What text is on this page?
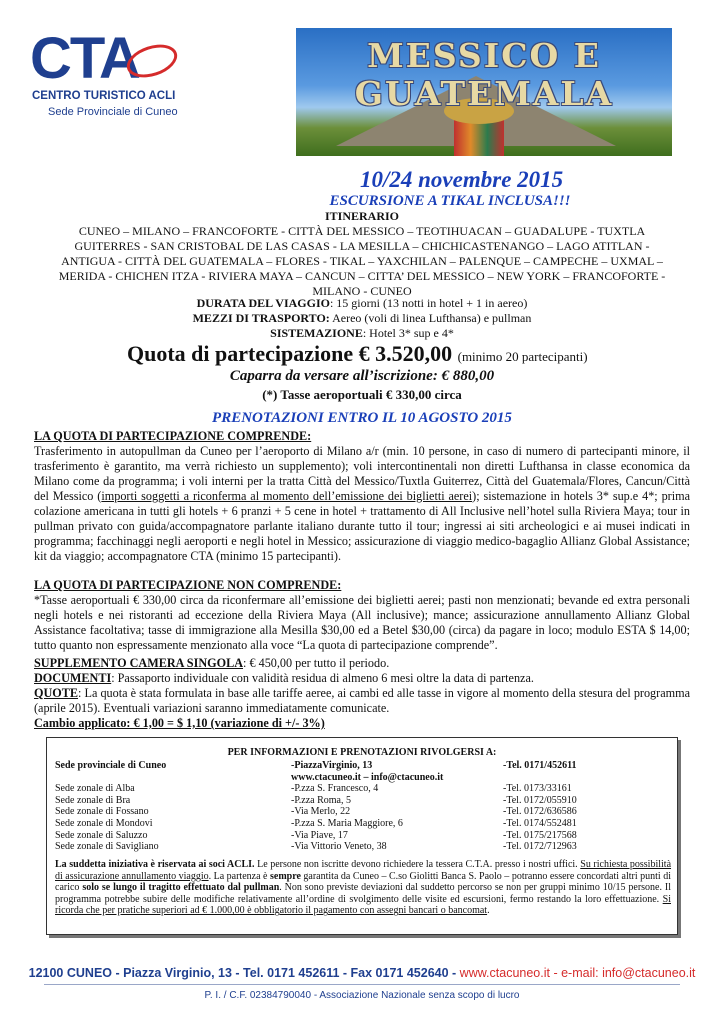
CTA
CENTRO TURISTICO ACLI
Sede Provinciale di Cuneo
MESSICO E
GUATEMALA
10/24 novembre 2015
ESCURSIONE A TIKAL INCLUSA!!!
ITINERARIO
CUNEO – MILANO – FRANCOFORTE - CITTÀ DEL MESSICO – TEOTIHUACAN – GUADALUPE - TUXTLA GUITERRES - SAN CRISTOBAL DE LAS CASAS - LA MESILLA – CHICHICASTENANGO – LAGO ATITLAN - ANTIGUA - CITTÀ DEL GUATEMALA – FLORES - TIKAL – YAXCHILAN – PALENQUE – CAMPECHE – UXMAL – MERIDA - CHICHEN ITZA - RIVIERA MAYA – CANCUN – CITTA’ DEL MESSICO – NEW YORK – FRANCOFORTE - MILANO - CUNEO
DURATA DEL VIAGGIO: 15 giorni (13 notti in hotel + 1 in aereo)
MEZZI DI TRASPORTO: Aereo (voli di linea Lufthansa) e pullman
SISTEMAZIONE: Hotel 3* sup e 4*
Quota di partecipazione € 3.520,00 (minimo 20 partecipanti)
Caparra da versare all’iscrizione: € 880,00
(*) Tasse aeroportuali € 330,00 circa
PRENOTAZIONI ENTRO IL 10 AGOSTO 2015
LA QUOTA DI PARTECIPAZIONE COMPRENDE:
Trasferimento in autopullman da Cuneo per l’aeroporto di Milano a/r (min. 10 persone, in caso di numero di partecipanti minore, il trasferimento è garantito, ma verrà richiesto un supplemento); voli intercontinentali non diretti Lufthansa in classe economica da Milano come da programma; i voli interni per la tratta Città del Messico/Tuxtla Guiterrez, Città del Guatemala/Flores, Cancun/Città del Messico (importi soggetti a riconferma al momento dell’emissione dei biglietti aerei); sistemazione in hotels 3* sup.e 4*; prima colazione americana in tutti gli hotels + 6 pranzi + 5 cene in hotel + trattamento di All Inclusive nell’hotel sulla Riviera Maya; tour in pullman privato con guida/accompagnatore parlante italiano durante tutto il tour; ingressi ai siti archeologici e ai musei indicati in programma; facchinaggi negli aeroporti e negli hotel in Messico; assicurazione di viaggio medico-bagaglio Allianz Global Assistance; kit da viaggio; accompagnatore CTA (minimo 15 partecipanti).
LA QUOTA DI PARTECIPAZIONE NON COMPRENDE:
*Tasse aeroportuali € 330,00 circa da riconfermare all’emissione dei biglietti aerei; pasti non menzionati; bevande ed extra personali negli hotels e nei ristoranti ad eccezione della Riviera Maya (All inclusive); mance; assicurazione annullamento Allianz Global Assistance facoltativa; tasse di immigrazione alla Mesilla $30,00 ed a Betel $30,00 (circa) da pagare in loco; modulo ESTA $ 14,00; tutto quanto non espressamente menzionato alla voce “La quota di partecipazione comprende”.

SUPPLEMENTO CAMERA SINGOLA: € 450,00 per tutto il periodo.

DOCUMENTI: Passaporto individuale con validità residua di almeno 6 mesi oltre la data di partenza.

QUOTE: La quota è stata formulata in base alle tariffe aeree, ai cambi ed alle tasse in vigore al momento della stesura del programma (aprile 2015). Eventuali variazioni saranno immediatamente comunicate.

Cambio applicato: € 1,00 = $ 1,10 (variazione di +/- 3%)

PER INFORMAZIONI E PRENOTAZIONI RIVOLGERSI A:
Sede provinciale di Cuneo	-PiazzaVirginio, 13	-Tel. 0171/452611
	www.ctacuneo.it – info@ctacuneo.it	
Sede zonale di Alba	-P.zza S. Francesco, 4	-Tel. 0173/33161
Sede zonale di Bra	-P.zza Roma, 5	-Tel. 0172/055910
Sede zonale di Fossano	-Via Merlo, 22	-Tel. 0172/636586
Sede zonale di Mondovi	-P.zza S. Maria Maggiore, 6	-Tel. 0174/552481
Sede zonale di Saluzzo	-Via Piave, 17	-Tel. 0175/217568
Sede zonale di Savigliano	-Via Vittorio Veneto, 38	-Tel. 0172/712963
La suddetta iniziativa è riservata ai soci ACLI. Le persone non iscritte devono richiedere la tessera C.T.A. presso i nostri uffici. Su richiesta possibilità di assicurazione annullamento viaggio. La partenza è sempre garantita da Cuneo – C.so Giolitti Banca S. Paolo – potranno essere concordati altri punti di carico solo se lungo il tragitto effettuato dal pullman. Non sono previste deviazioni dal suddetto percorso se non per gruppi minimo 10/15 persone. Il programma potrebbe subire delle modifiche relativamente all’ordine di svolgimento delle visite ed escursioni, fermo restando la loro effettuazione. Si ricorda che per pratiche superiori ad € 1.000,00 è obbligatorio il pagamento con assegni bancari o bancomat.
12100 CUNEO - Piazza Virginio, 13 - Tel. 0171 452611 - Fax 0171 452640 - www.ctacuneo.it - e-mail: info@ctacuneo.it
P. I. / C.F. 02384790040 - Associazione Nazionale senza scopo di lucro
